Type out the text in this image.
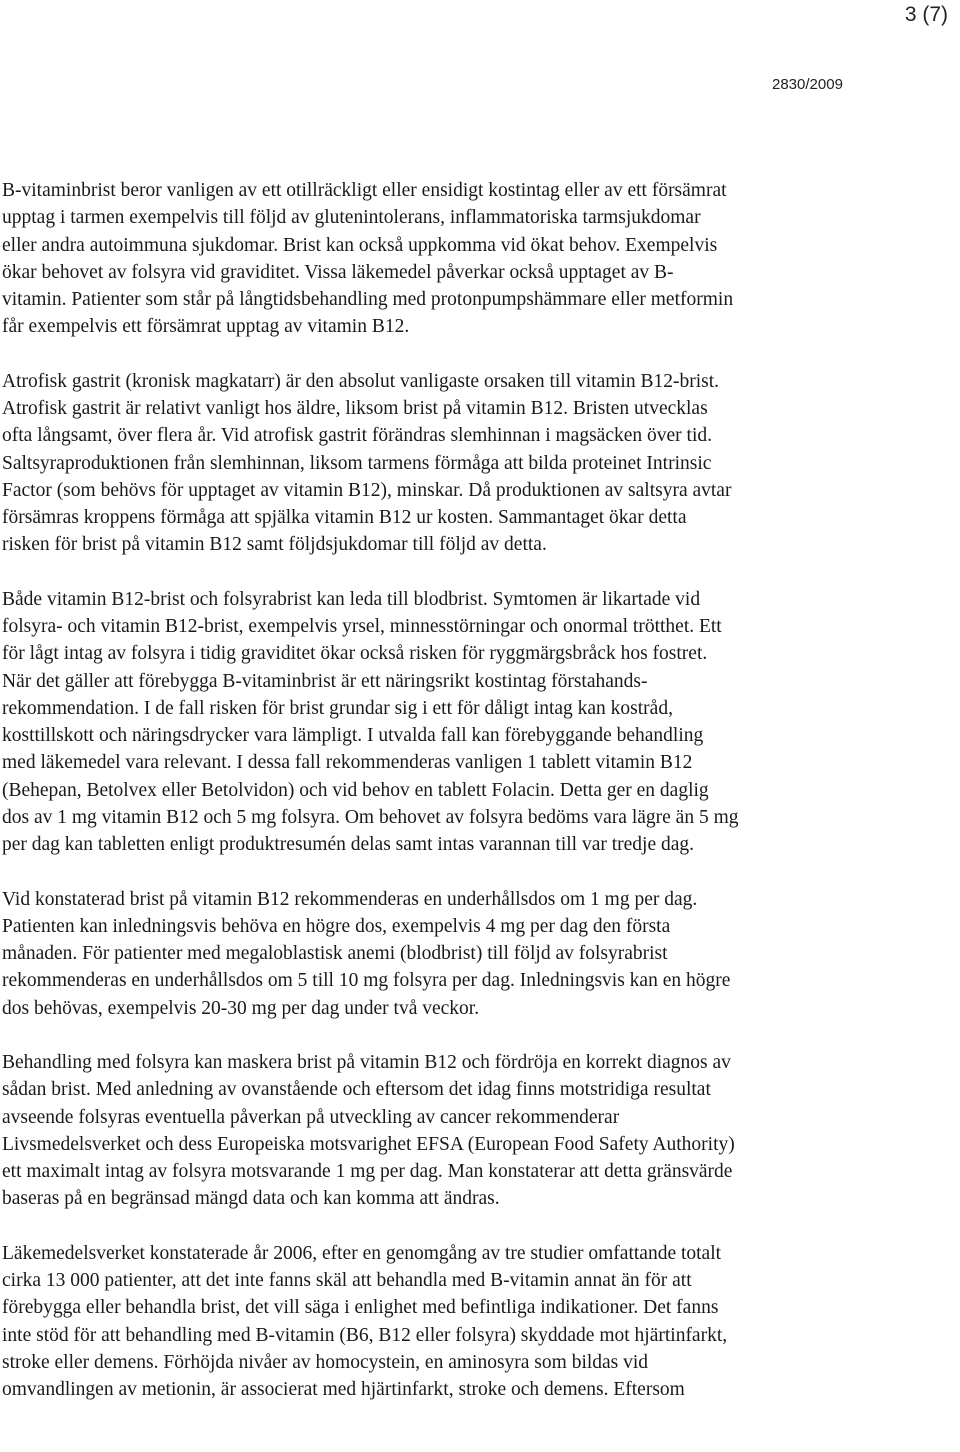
3 (7)
2830/2009

B-vitaminbrist beror vanligen av ett otillräckligt eller ensidigt kostintag eller av ett försämrat
upptag i tarmen exempelvis till följd av glutenintolerans, inflammatoriska tarmsjukdomar
eller andra autoimmuna sjukdomar. Brist kan också uppkomma vid ökat behov. Exempelvis
ökar behovet av folsyra vid graviditet. Vissa läkemedel påverkar också upptaget av B-
vitamin. Patienter som står på långtidsbehandling med protonpumpshämmare eller metformin
får exempelvis ett försämrat upptag av vitamin B12.

Atrofisk gastrit (kronisk magkatarr) är den absolut vanligaste orsaken till vitamin B12-brist.
Atrofisk gastrit är relativt vanligt hos äldre, liksom brist på vitamin B12. Bristen utvecklas
ofta långsamt, över flera år. Vid atrofisk gastrit förändras slemhinnan i magsäcken över tid.
Saltsyraproduktionen från slemhinnan, liksom tarmens förmåga att bilda proteinet Intrinsic
Factor (som behövs för upptaget av vitamin B12), minskar. Då produktionen av saltsyra avtar
försämras kroppens förmåga att spjälka vitamin B12 ur kosten. Sammantaget ökar detta
risken för brist på vitamin B12 samt följdsjukdomar till följd av detta.

Både vitamin B12-brist och folsyrabrist kan leda till blodbrist. Symtomen är likartade vid
folsyra- och vitamin B12-brist, exempelvis yrsel, minnesstörningar och onormal trötthet. Ett
för lågt intag av folsyra i tidig graviditet ökar också risken för ryggmärgsbråck hos fostret.
När det gäller att förebygga B-vitaminbrist är ett näringsrikt kostintag förstahands-
rekommendation. I de fall risken för brist grundar sig i ett för dåligt intag kan kostråd,
kosttillskott och näringsdrycker vara lämpligt. I utvalda fall kan förebyggande behandling
med läkemedel vara relevant. I dessa fall rekommenderas vanligen 1 tablett vitamin B12
(Behepan, Betolvex eller Betolvidon) och vid behov en tablett Folacin. Detta ger en daglig
dos av 1 mg vitamin B12 och 5 mg folsyra. Om behovet av folsyra bedöms vara lägre än 5 mg
per dag kan tabletten enligt produktresumén delas samt intas varannan till var tredje dag.

Vid konstaterad brist på vitamin B12 rekommenderas en underhållsdos om 1 mg per dag.
Patienten kan inledningsvis behöva en högre dos, exempelvis 4 mg per dag den första
månaden. För patienter med megaloblastisk anemi (blodbrist) till följd av folsyrabrist
rekommenderas en underhållsdos om 5 till 10 mg folsyra per dag. Inledningsvis kan en högre
dos behövas, exempelvis 20-30 mg per dag under två veckor.

Behandling med folsyra kan maskera brist på vitamin B12 och fördröja en korrekt diagnos av
sådan brist. Med anledning av ovanstående och eftersom det idag finns motstridiga resultat
avseende folsyras eventuella påverkan på utveckling av cancer rekommenderar
Livsmedelsverket och dess Europeiska motsvarighet EFSA (European Food Safety Authority)
ett maximalt intag av folsyra motsvarande 1 mg per dag. Man konstaterar att detta gränsvärde
baseras på en begränsad mängd data och kan komma att ändras.

Läkemedelsverket konstaterade år 2006, efter en genomgång av tre studier omfattande totalt
cirka 13 000 patienter, att det inte fanns skäl att behandla med B-vitamin annat än för att
förebygga eller behandla brist, det vill säga i enlighet med befintliga indikationer. Det fanns
inte stöd för att behandling med B-vitamin (B6, B12 eller folsyra) skyddade mot hjärtinfarkt,
stroke eller demens. Förhöjda nivåer av homocystein, en aminosyra som bildas vid
omvandlingen av metionin, är associerat med hjärtinfarkt, stroke och demens. Eftersom
